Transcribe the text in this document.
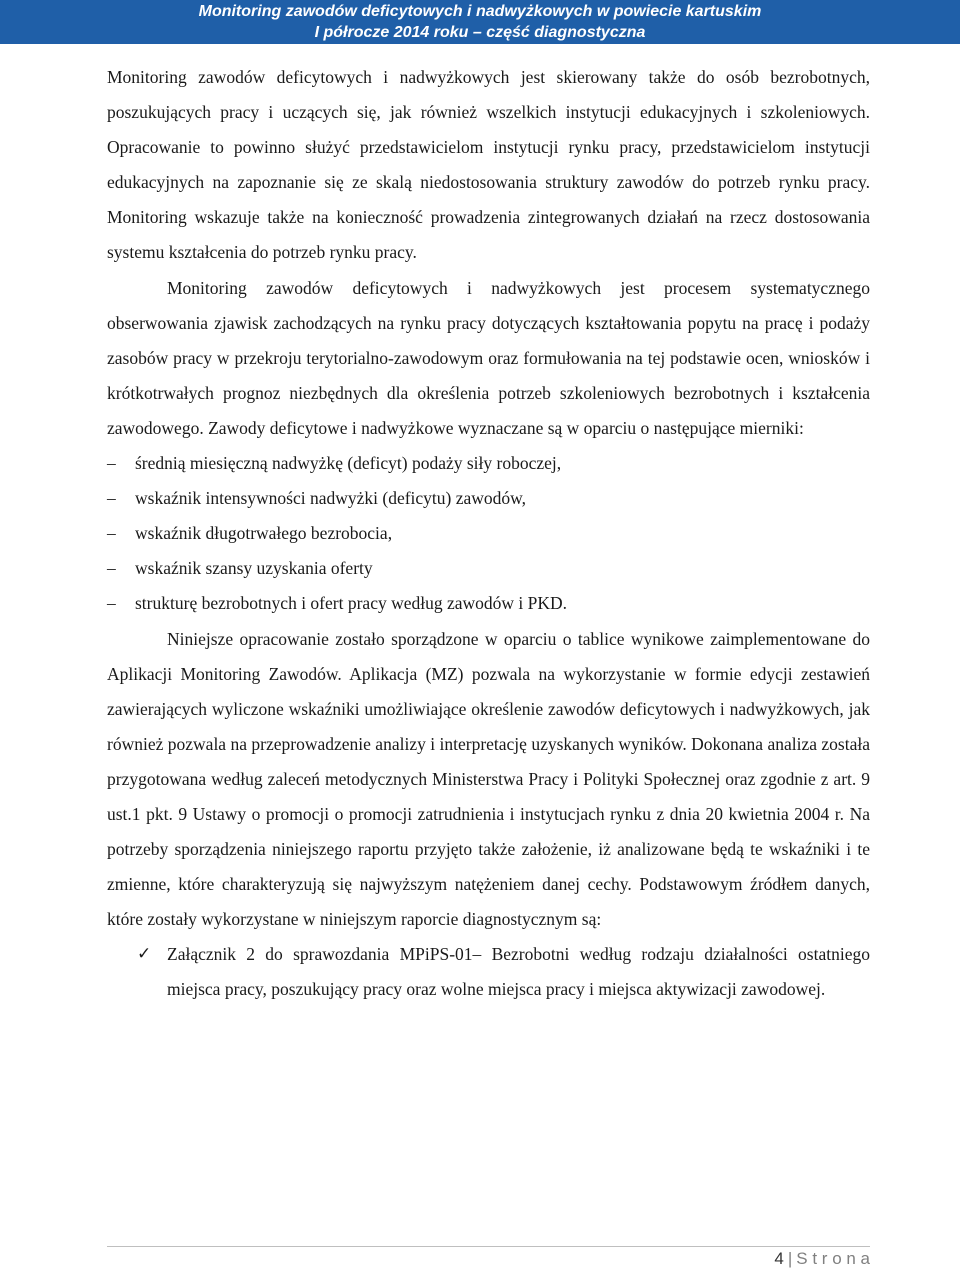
Monitoring zawodów deficytowych i nadwyżkowych w powiecie kartuskim
I półrocze 2014 roku – część diagnostyczna

Monitoring zawodów deficytowych i nadwyżkowych jest skierowany także do osób bezrobotnych, poszukujących pracy i uczących się, jak również wszelkich instytucji edukacyjnych i szkoleniowych. Opracowanie to powinno służyć przedstawicielom instytucji rynku pracy, przedstawicielom instytucji edukacyjnych na zapoznanie się ze skalą niedostosowania struktury zawodów do potrzeb rynku pracy. Monitoring wskazuje także na konieczność prowadzenia zintegrowanych działań na rzecz dostosowania systemu kształcenia do potrzeb rynku pracy.

Monitoring zawodów deficytowych i nadwyżkowych jest procesem systematycznego obserwowania zjawisk zachodzących na rynku pracy dotyczących kształtowania popytu na pracę i podaży zasobów pracy w przekroju terytorialno-zawodowym oraz formułowania na tej podstawie ocen, wniosków i krótkotrwałych prognoz niezbędnych dla określenia potrzeb szkoleniowych bezrobotnych i kształcenia zawodowego. Zawody deficytowe i nadwyżkowe wyznaczane są w oparciu o następujące mierniki:

– średnią miesięczną nadwyżkę (deficyt) podaży siły roboczej,
– wskaźnik intensywności nadwyżki (deficytu) zawodów,
– wskaźnik długotrwałego bezrobocia,
– wskaźnik szansy uzyskania oferty
– strukturę bezrobotnych i ofert pracy według zawodów i PKD.

Niniejsze opracowanie zostało sporządzone w oparciu o tablice wynikowe zaimplementowane do Aplikacji Monitoring Zawodów. Aplikacja (MZ) pozwala na wykorzystanie w formie edycji zestawień zawierających wyliczone wskaźniki umożliwiające określenie zawodów deficytowych i nadwyżkowych, jak również pozwala na przeprowadzenie analizy i interpretację uzyskanych wyników. Dokonana analiza została przygotowana według zaleceń metodycznych Ministerstwa Pracy i Polityki Społecznej oraz zgodnie z art. 9 ust.1 pkt. 9 Ustawy o promocji o promocji zatrudnienia i instytucjach rynku z dnia 20 kwietnia 2004 r. Na potrzeby sporządzenia niniejszego raportu przyjęto także założenie, iż analizowane będą te wskaźniki i te zmienne, które charakteryzują się najwyższym natężeniem danej cechy. Podstawowym źródłem danych, które zostały wykorzystane w niniejszym raporcie diagnostycznym są:

✓ Załącznik 2 do sprawozdania MPiPS-01– Bezrobotni według rodzaju działalności ostatniego miejsca pracy, poszukujący pracy oraz wolne miejsca pracy i miejsca aktywizacji zawodowej.
4 | S t r o n a
